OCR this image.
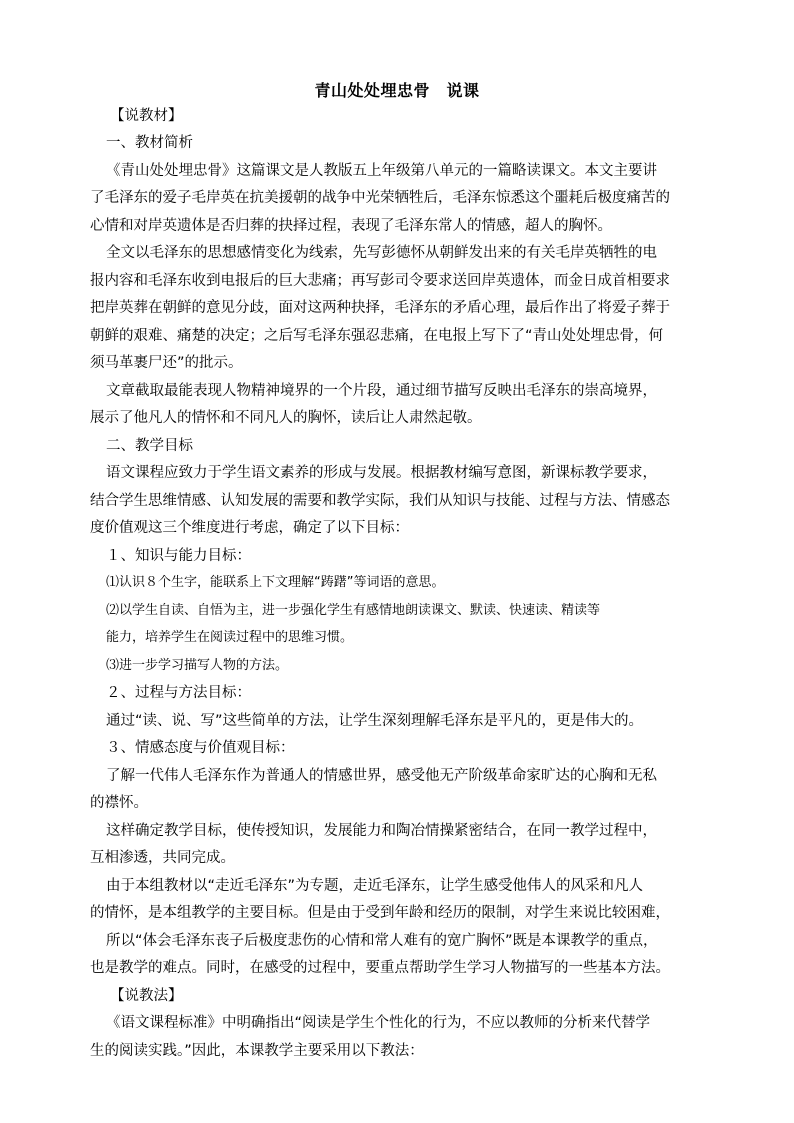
青山处处埋忠骨　说课
【说教材】
一、教材简析
《青山处处埋忠骨》这篇课文是人教版五上年级第八单元的一篇略读课文。本文主要讲
了毛泽东的爱子毛岸英在抗美援朝的战争中光荣牺牲后，毛泽东惊悉这个噩耗后极度痛苦的
心情和对岸英遗体是否归葬的抉择过程，表现了毛泽东常人的情感，超人的胸怀。
全文以毛泽东的思想感情变化为线索，先写彭德怀从朝鲜发出来的有关毛岸英牺牲的电
报内容和毛泽东收到电报后的巨大悲痛；再写彭司令要求送回岸英遗体，而金日成首相要求
把岸英葬在朝鲜的意见分歧，面对这两种抉择，毛泽东的矛盾心理，最后作出了将爱子葬于
朝鲜的艰难、痛楚的决定；之后写毛泽东强忍悲痛，在电报上写下了“青山处处埋忠骨，何
须马革裹尸还”的批示。
文章截取最能表现人物精神境界的一个片段，通过细节描写反映出毛泽东的崇高境界，
展示了他凡人的情怀和不同凡人的胸怀，读后让人肃然起敬。
二、教学目标
语文课程应致力于学生语文素养的形成与发展。根据教材编写意图，新课标教学要求，
结合学生思维情感、认知发展的需要和教学实际，我们从知识与技能、过程与方法、情感态
度价值观这三个维度进行考虑，确定了以下目标：
１、知识与能力目标：
⑴认识８个生字，能联系上下文理解“踌躇”等词语的意思。
⑵以学生自读、自悟为主，进一步强化学生有感情地朗读课文、默读、快速读、精读等
能力，培养学生在阅读过程中的思维习惯。
⑶进一步学习描写人物的方法。
２、过程与方法目标：
通过“读、说、写”这些简单的方法，让学生深刻理解毛泽东是平凡的，更是伟大的。
３、情感态度与价值观目标：
了解一代伟人毛泽东作为普通人的情感世界，感受他无产阶级革命家旷达的心胸和无私
的襟怀。
这样确定教学目标，使传授知识，发展能力和陶冶情操紧密结合，在同一教学过程中，
互相渗透，共同完成。
由于本组教材以“走近毛泽东”为专题，走近毛泽东，让学生感受他伟人的风采和凡人
的情怀，是本组教学的主要目标。但是由于受到年龄和经历的限制，对学生来说比较困难，
所以“体会毛泽东丧子后极度悲伤的心情和常人难有的宽广胸怀”既是本课教学的重点，
也是教学的难点。同时，在感受的过程中，要重点帮助学生学习人物描写的一些基本方法。
【说教法】
《语文课程标准》中明确指出“阅读是学生个性化的行为，不应以教师的分析来代替学
生的阅读实践。”因此，本课教学主要采用以下教法：
